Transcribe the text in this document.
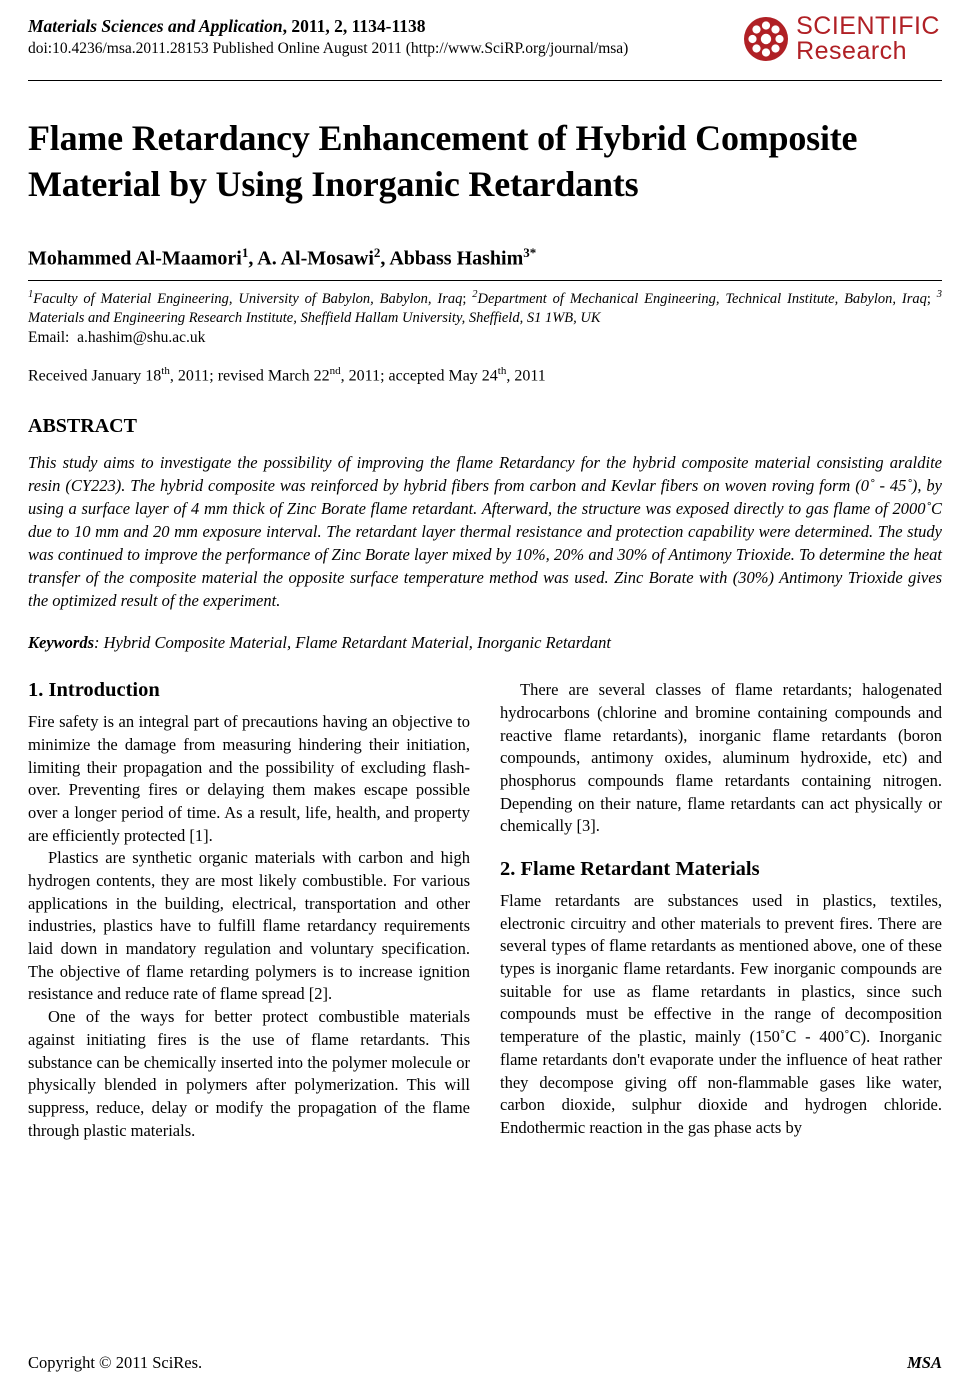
Materials Sciences and Application, 2011, 2, 1134-1138
doi:10.4236/msa.2011.28153 Published Online August 2011 (http://www.SciRP.org/journal/msa)
SCIENTIFIC
Research
Flame Retardancy Enhancement of Hybrid Composite Material by Using Inorganic Retardants
Mohammed Al-Maamori$^1$, A. Al-Mosawi$^2$, Abbass Hashim$^{3*}$
$^1$Faculty of Material Engineering, University of Babylon, Babylon, Iraq; $^2$Department of Mechanical Engineering, Technical Institute, Babylon, Iraq; $^3$ Materials and Engineering Research Institute, Sheffield Hallam University, Sheffield, S1 1WB, UK
Email: a.hashim@shu.ac.uk
Received January 18th, 2011; revised March 22nd, 2011; accepted May 24th, 2011
ABSTRACT
This study aims to investigate the possibility of improving the flame Retardancy for the hybrid composite material consisting araldite resin (CY223). The hybrid composite was reinforced by hybrid fibers from carbon and Kevlar fibers on woven roving form (0˚ - 45˚), by using a surface layer of 4 mm thick of Zinc Borate flame retardant. Afterward, the structure was exposed directly to gas flame of 2000˚C due to 10 mm and 20 mm exposure interval. The retardant layer thermal resistance and protection capability were determined. The study was continued to improve the performance of Zinc Borate layer mixed by 10%, 20% and 30% of Antimony Trioxide. To determine the heat transfer of the composite material the opposite surface temperature method was used. Zinc Borate with (30%) Antimony Trioxide gives the optimized result of the experiment.
Keywords: Hybrid Composite Material, Flame Retardant Material, Inorganic Retardant
1. Introduction

Fire safety is an integral part of precautions having an objective to minimize the damage from measuring hindering their initiation, limiting their propagation and the possibility of excluding flash-over. Preventing fires or delaying them makes escape possible over a longer period of time. As a result, life, health, and property are efficiently protected [1].

Plastics are synthetic organic materials with carbon and high hydrogen contents, they are most likely combustible. For various applications in the building, electrical, transportation and other industries, plastics have to fulfill flame retardancy requirements laid down in mandatory regulation and voluntary specification. The objective of flame retarding polymers is to increase ignition resistance and reduce rate of flame spread [2].

One of the ways for better protect combustible materials against initiating fires is the use of flame retardants. This substance can be chemically inserted into the polymer molecule or physically blended in polymers after polymerization. This will suppress, reduce, delay or modify the propagation of the flame through plastic materials.

There are several classes of flame retardants; halogenated hydrocarbons (chlorine and bromine containing compounds and reactive flame retardants), inorganic flame retardants (boron compounds, antimony oxides, aluminum hydroxide, etc) and phosphorus compounds flame retardants containing nitrogen. Depending on their nature, flame retardants can act physically or chemically [3].

2. Flame Retardant Materials

Flame retardants are substances used in plastics, textiles, electronic circuitry and other materials to prevent fires. There are several types of flame retardants as mentioned above, one of these types is inorganic flame retardants. Few inorganic compounds are suitable for use as flame retardants in plastics, since such compounds must be effective in the range of decomposition temperature of the plastic, mainly (150˚C - 400˚C). Inorganic flame retardants don't evaporate under the influence of heat rather they decompose giving off non-flammable gases like water, carbon dioxide, sulphur dioxide and hydrogen chloride. Endothermic reaction in the gas phase acts by

Copyright © 2011 SciRes.	MSA
